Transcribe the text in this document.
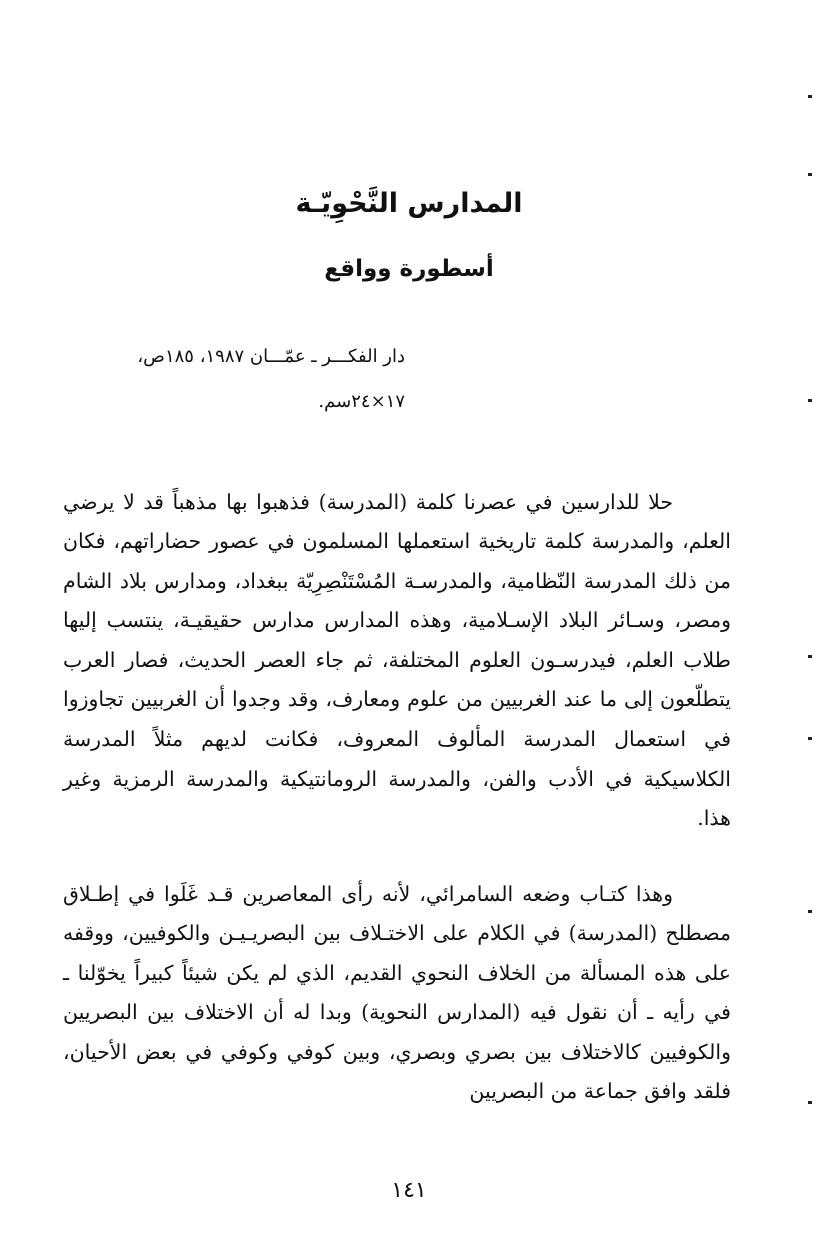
المدارس النَّحْوِيّـة
أسطورة وواقع
دار الفكـــر ـ عمّـــان ١٩٨٧، ١٨٥ص،
١٧×٢٤سم.

حلا للدارسين في عصرنا كلمة (المدرسة) فذهبوا بها مذهباً قد لا يرضي العلم، والمدرسة كلمة تاريخية استعملها المسلمون في عصور حضاراتهم، فكان من ذلك المدرسة النّظامية، والمدرسـة المُسْتَنْصِرِيّة ببغداد، ومدارس بلاد الشام ومصر، وسـائر البلاد الإسـلامية، وهذه المدارس مدارس حقيقيـة، ينتسب إليها طلاب العلم، فيدرسـون العلوم المختلفة، ثم جاء العصر الحديث، فصار العرب يتطلّعون إلى ما عند الغربيين من علوم ومعارف، وقد وجدوا أن الغربيين تجاوزوا في استعمال المدرسة المألوف المعروف، فكانت لديهم مثلاً المدرسة الكلاسيكية في الأدب والفن، والمدرسة الرومانتيكية والمدرسة الرمزية وغير هذا.

وهذا كتـاب وضعه السامرائي، لأنه رأى المعاصرين قـد غَلَوا في إطـلاق مصطلح (المدرسة) في الكلام على الاختـلاف بين البصريـيـن والكوفيين، ووقفه على هذه المسألة من الخلاف النحوي القديم، الذي لم يكن شيئاً كبيراً يخوّلنا ـ في رأيه ـ أن نقول فيه (المدارس النحوية) وبدا له أن الاختلاف بين البصريين والكوفيين كالاختلاف بين بصري وبصري، وبين كوفي وكوفي في بعض الأحيان، فلقد وافق جماعة من البصريين

١٤١
